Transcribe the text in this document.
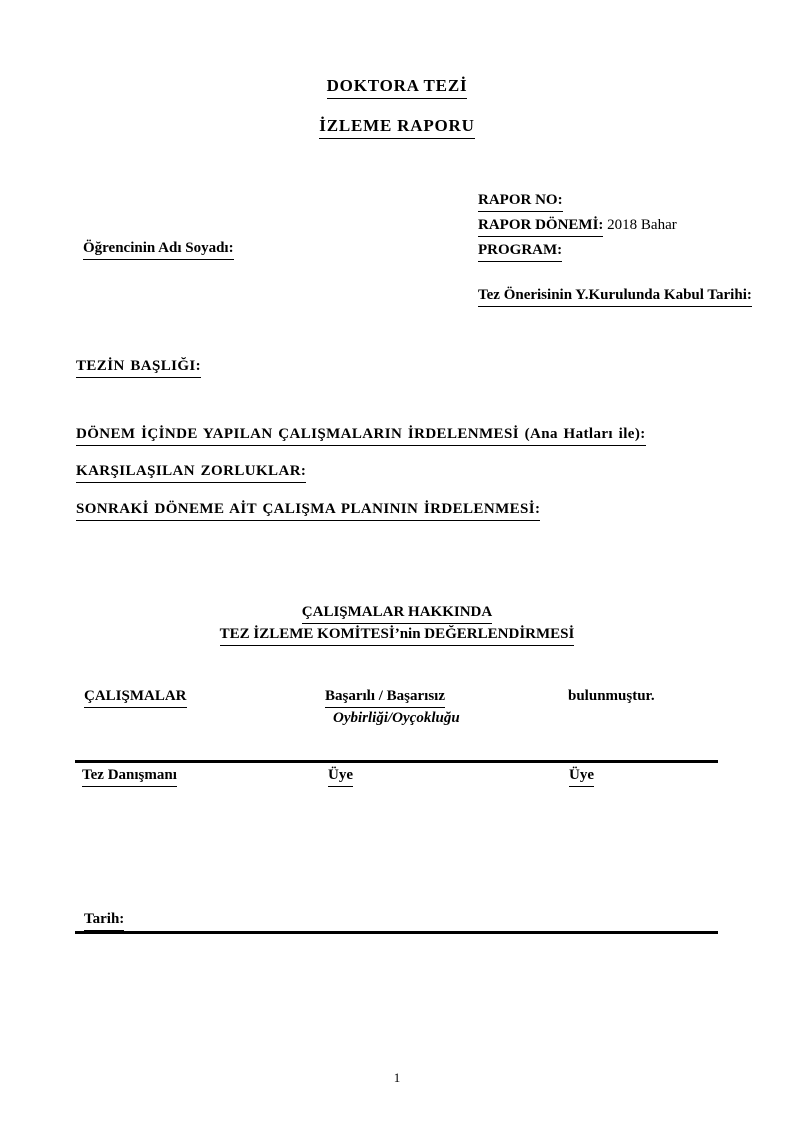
DOKTORA TEZİ
İZLEME RAPORU
RAPOR NO:
RAPOR DÖNEMİ: 2018 Bahar
PROGRAM:
Öğrencinin Adı Soyadı:
Tez Önerisinin Y.Kurulunda Kabul Tarihi:
TEZİN BAŞLIĞI:
DÖNEM İÇİNDE YAPILAN ÇALIŞMALARIN İRDELENMESİ (Ana Hatları ile):
KARŞILAŞILAN ZORLUKLAR:
SONRAKİ DÖNEME AİT ÇALIŞMA PLANININ İRDELENMESİ:
ÇALIŞMALAR HAKKINDA
TEZ İZLEME KOMİTESİ’nin DEĞERLENDİRMESİ
ÇALIŞMALAR	Başarılı / Başarısız	bulunmuştur.
Oybirliği/Oyçokluğu
Tez Danışmanı	Üye	Üye
Tarih:
1
